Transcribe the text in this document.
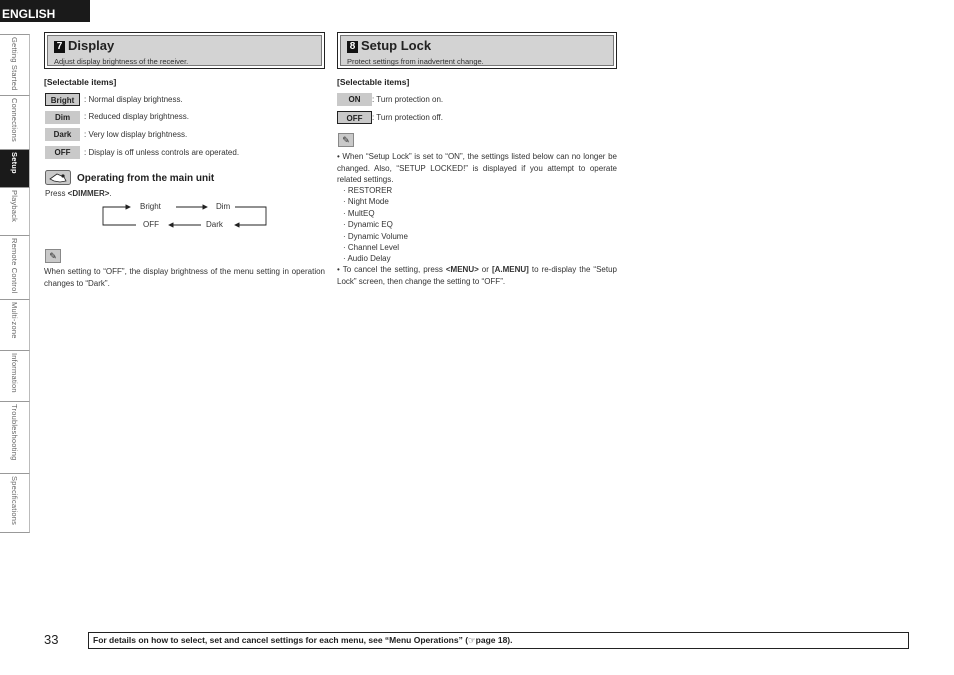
ENGLISH
Getting Started
Connections
Setup
Playback
Remote Control
Multi-zone
Information
Troubleshooting
Specifications
7 Display
Adjust display brightness of the receiver.
[Selectable items]
Bright	: Normal display brightness.
Dim	: Reduced display brightness.
Dark	: Very low display brightness.
OFF	: Display is off unless controls are operated.
Operating from the main unit
Press <DIMMER>.
Bright	Dim
OFF	Dark
✎
When setting to “OFF”, the display brightness of the menu setting in operation changes to “Dark”.
8 Setup Lock
Protect settings from inadvertent change.
[Selectable items]
ON	: Turn protection on.
OFF	: Turn protection off.
✎
• When “Setup Lock” is set to “ON”, the settings listed below can no longer be changed. Also, “SETUP LOCKED!” is displayed if you attempt to operate related settings.
· RESTORER
· Night Mode
· MultEQ
· Dynamic EQ
· Dynamic Volume
· Channel Level
· Audio Delay
• To cancel the setting, press <MENU> or [A.MENU] to re-display the “Setup Lock” screen, then change the setting to “OFF”.
33	For details on how to select, set and cancel settings for each menu, see “Menu Operations” (☞page 18).
